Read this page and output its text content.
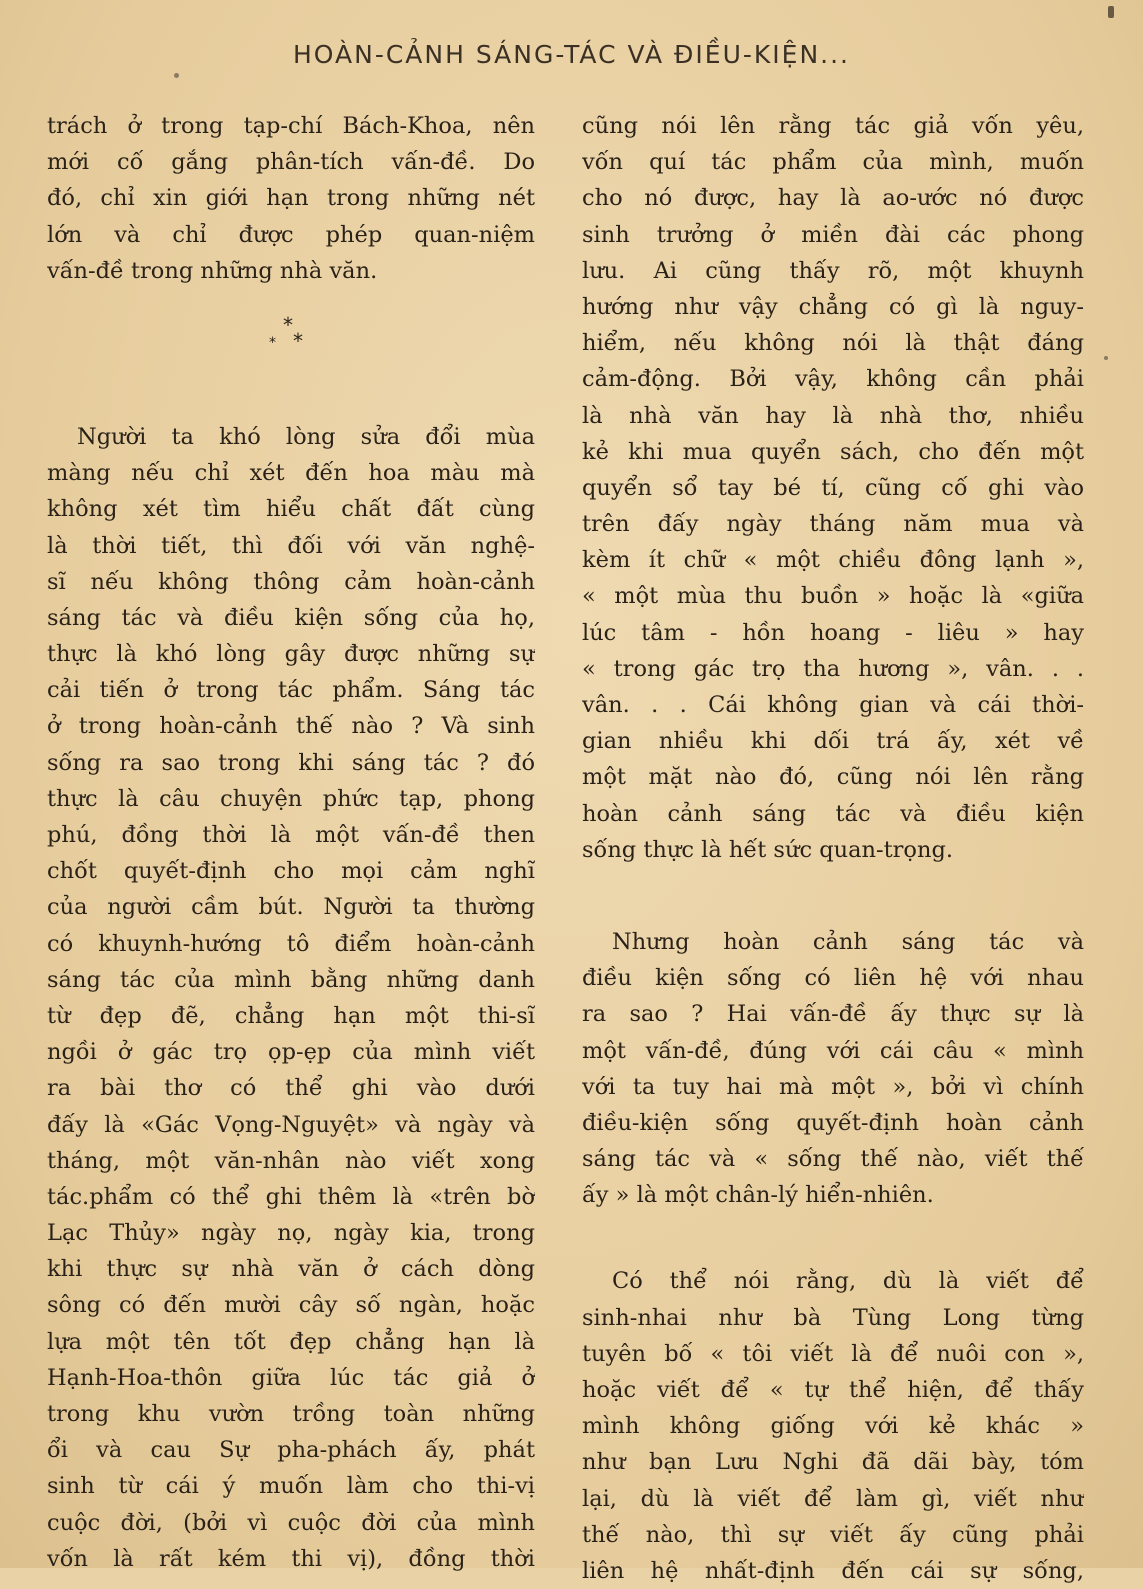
HOÀN-CẢNH SÁNG-TÁC VÀ ĐIỀU-KIỆN...
trách ở trong tạp-chí Bách-Khoa, nên
mới cố gắng phân-tích vấn-đề. Do
đó, chỉ xin giới hạn trong những nét
lớn và chỉ được phép quan-niệm
vấn-đề trong những nhà văn.
*
* *
Người ta khó lòng sửa đổi mùa
màng nếu chỉ xét đến hoa màu mà
không xét tìm hiểu chất đất cùng
là thời tiết, thì đối với văn nghệ-
sĩ nếu không thông cảm hoàn-cảnh
sáng tác và điều kiện sống của họ,
thực là khó lòng gây được những sự
cải tiến ở trong tác phẩm. Sáng tác
ở trong hoàn-cảnh thế nào ? Và sinh
sống ra sao trong khi sáng tác ? đó
thực là câu chuyện phức tạp, phong
phú, đồng thời là một vấn-đề then
chốt quyết-định cho mọi cảm nghĩ
của người cầm bút. Người ta thường
có khuynh-hướng tô điểm hoàn-cảnh
sáng tác của mình bằng những danh
từ đẹp đẽ, chẳng hạn một thi-sĩ
ngồi ở gác trọ ọp-ẹp của mình viết
ra bài thơ có thể ghi vào dưới
đấy là «Gác Vọng-Nguyệt» và ngày và
tháng, một văn-nhân nào viết xong
tác.phẩm có thể ghi thêm là «trên bờ
Lạc Thủy» ngày nọ, ngày kia, trong
khi thực sự nhà văn ở cách dòng
sông có đến mười cây số ngàn, hoặc
lựa một tên tốt đẹp chẳng hạn là
Hạnh-Hoa-thôn giữa lúc tác giả ở
trong khu vườn trồng toàn những
ổi và cau Sự pha-phách ấy, phát
sinh từ cái ý muốn làm cho thi-vị
cuộc đời, (bởi vì cuộc đời của mình
vốn là rất kém thi vị), đồng thời
cũng nói lên rằng tác giả vốn yêu,
vốn quí tác phẩm của mình, muốn
cho nó được, hay là ao-ước nó được
sinh trưởng ở miền đài các phong
lưu. Ai cũng thấy rõ, một khuynh
hướng như vậy chẳng có gì là nguy-
hiểm, nếu không nói là thật đáng
cảm-động. Bởi vậy, không cần phải
là nhà văn hay là nhà thơ, nhiều
kẻ khi mua quyển sách, cho đến một
quyển sổ tay bé tí, cũng cố ghi vào
trên đấy ngày tháng năm mua và
kèm ít chữ « một chiều đông lạnh »,
« một mùa thu buồn » hoặc là «giữa
lúc tâm - hồn hoang - liêu » hay
« trong gác trọ tha hương », vân. . .
vân. . . Cái không gian và cái thời-
gian nhiều khi dối trá ấy, xét về
một mặt nào đó, cũng nói lên rằng
hoàn cảnh sáng tác và điều kiện
sống thực là hết sức quan-trọng.
Nhưng hoàn cảnh sáng tác và
điều kiện sống có liên hệ với nhau
ra sao ? Hai vấn-đề ấy thực sự là
một vấn-đề, đúng với cái câu « mình
với ta tuy hai mà một », bởi vì chính
điều-kiện sống quyết-định hoàn cảnh
sáng tác và « sống thế nào, viết thế
ấy » là một chân-lý hiển-nhiên.
Có thể nói rằng, dù là viết để
sinh-nhai như bà Tùng Long từng
tuyên bố « tôi viết là để nuôi con »,
hoặc viết để « tự thể hiện, để thấy
mình không giống với kẻ khác »
như bạn Lưu Nghi đã dãi bày, tóm
lại, dù là viết để làm gì, viết như
thế nào, thì sự viết ấy cũng phải
liên hệ nhất-định đến cái sự sống,
